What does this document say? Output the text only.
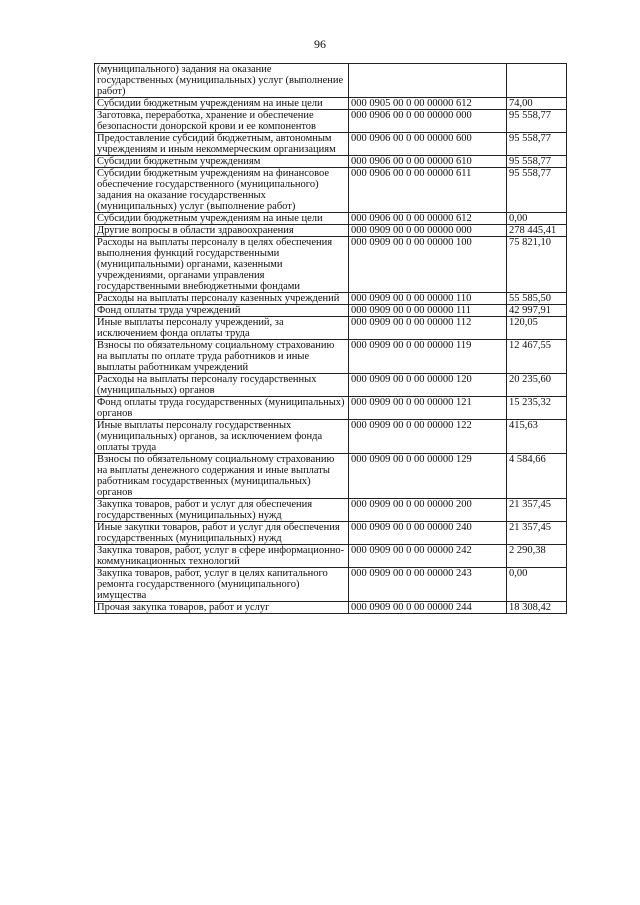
96
(муниципального) задания на оказание государственных (муниципальных) услуг (выполнение работ)		
Субсидии бюджетным учреждениям на иные цели	000 0905 00 0 00 00000 612	74,00
Заготовка, переработка, хранение и обеспечение безопасности донорской крови и ее компонентов	000 0906 00 0 00 00000 000	95 558,77
Предоставление субсидий бюджетным, автономным учреждениям и иным некоммерческим организациям	000 0906 00 0 00 00000 600	95 558,77
Субсидии бюджетным учреждениям	000 0906 00 0 00 00000 610	95 558,77
Субсидии бюджетным учреждениям на финансовое обеспечение государственного (муниципального) задания на оказание государственных (муниципальных) услуг (выполнение работ)	000 0906 00 0 00 00000 611	95 558,77
Субсидии бюджетным учреждениям на иные цели	000 0906 00 0 00 00000 612	0,00
Другие вопросы в области здравоохранения	000 0909 00 0 00 00000 000	278 445,41
Расходы на выплаты персоналу в целях обеспечения выполнения функций государственными (муниципальными) органами, казенными учреждениями, органами управления государственными внебюджетными фондами	000 0909 00 0 00 00000 100	75 821,10
Расходы на выплаты персоналу казенных учреждений	000 0909 00 0 00 00000 110	55 585,50
Фонд оплаты труда учреждений	000 0909 00 0 00 00000 111	42 997,91
Иные выплаты персоналу учреждений, за исключением фонда оплаты труда	000 0909 00 0 00 00000 112	120,05
Взносы по обязательному социальному страхованию на выплаты по оплате труда работников и иные выплаты работникам учреждений	000 0909 00 0 00 00000 119	12 467,55
Расходы на выплаты персоналу государственных (муниципальных) органов	000 0909 00 0 00 00000 120	20 235,60
Фонд оплаты труда государственных (муниципальных) органов	000 0909 00 0 00 00000 121	15 235,32
Иные выплаты персоналу государственных (муниципальных) органов, за исключением фонда оплаты труда	000 0909 00 0 00 00000 122	415,63
Взносы по обязательному социальному страхованию на выплаты денежного содержания и иные выплаты работникам государственных (муниципальных) органов	000 0909 00 0 00 00000 129	4 584,66
Закупка товаров, работ и услуг для обеспечения государственных (муниципальных) нужд	000 0909 00 0 00 00000 200	21 357,45
Иные закупки товаров, работ и услуг для обеспечения государственных (муниципальных) нужд	000 0909 00 0 00 00000 240	21 357,45
Закупка товаров, работ, услуг в сфере информационно-коммуникационных технологий	000 0909 00 0 00 00000 242	2 290,38
Закупка товаров, работ, услуг в целях капитального ремонта государственного (муниципального) имущества	000 0909 00 0 00 00000 243	0,00
Прочая закупка товаров, работ и услуг	000 0909 00 0 00 00000 244	18 308,42
